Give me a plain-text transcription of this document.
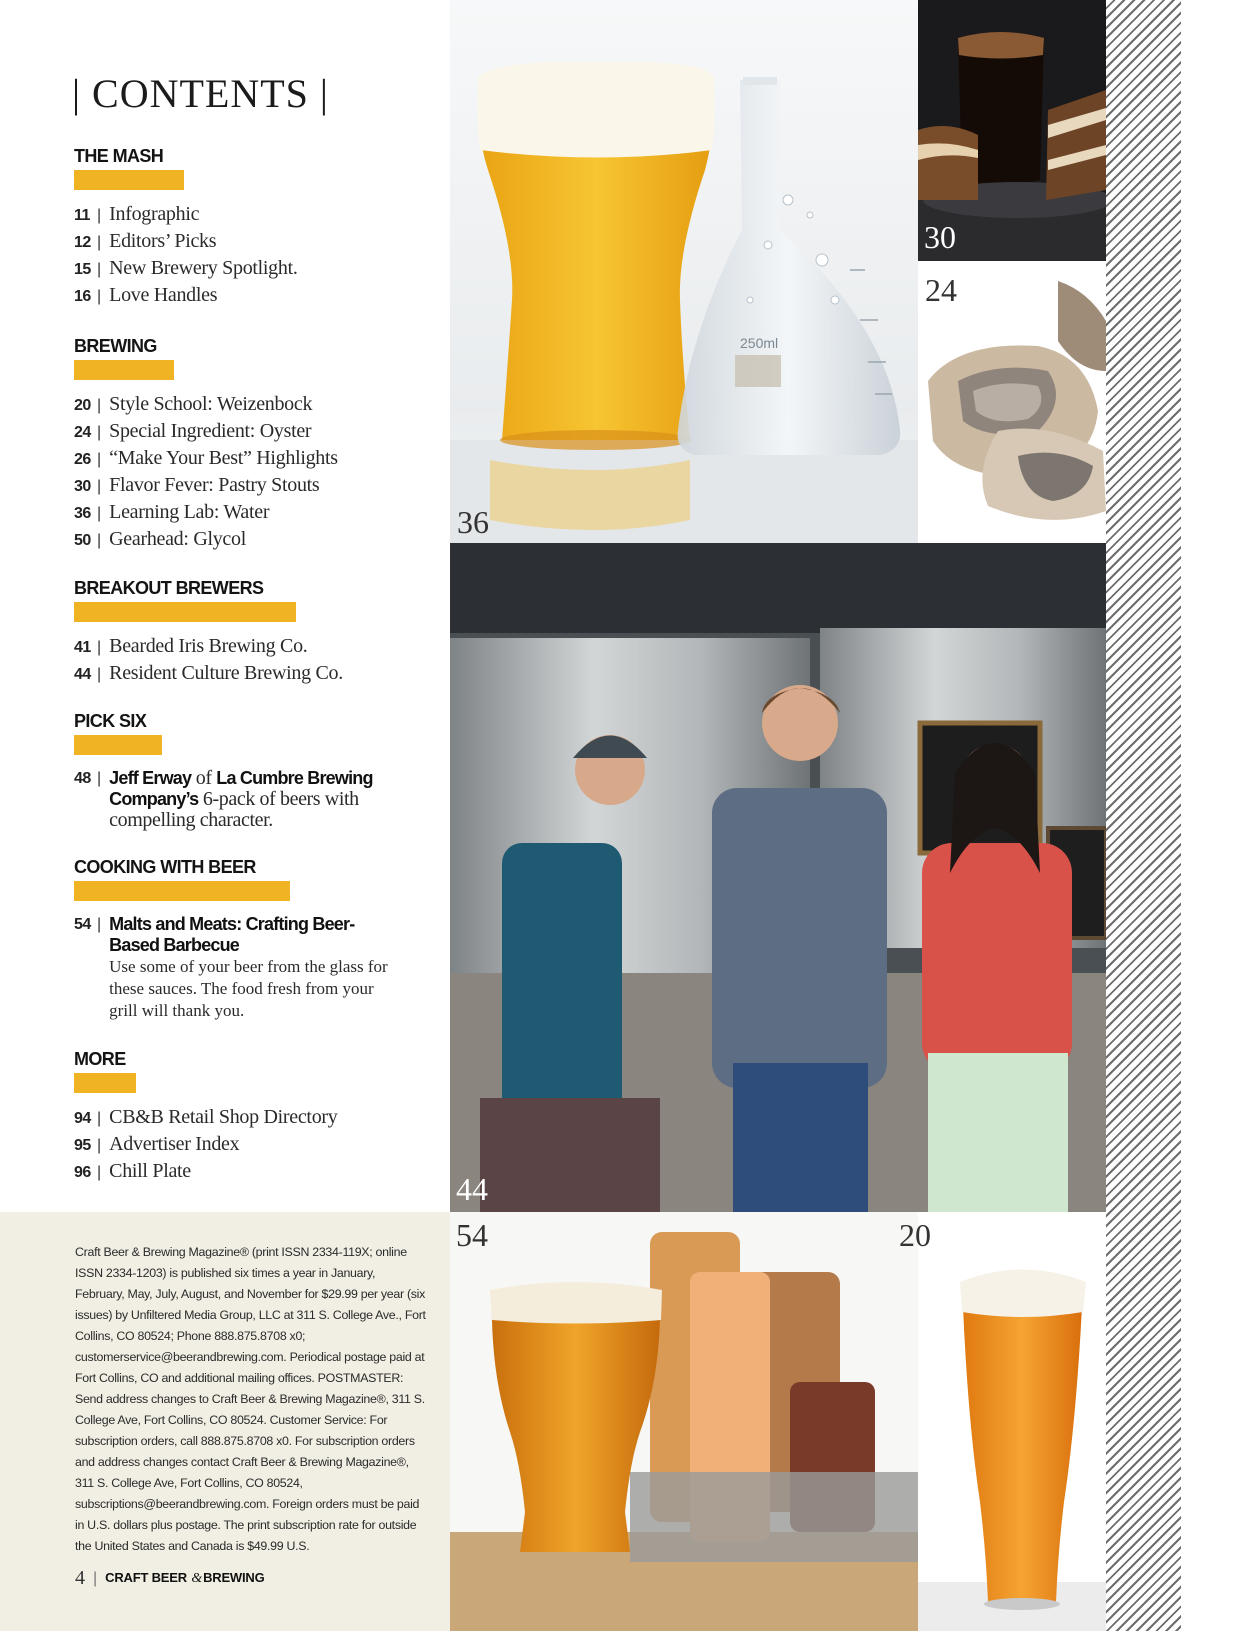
| CONTENTS |
THE MASH
11 | Infographic
12 | Editors’ Picks
15 | New Brewery Spotlight.
16 | Love Handles
BREWING
20 | Style School: Weizenbock
24 | Special Ingredient: Oyster
26 | “Make Your Best” Highlights
30 | Flavor Fever: Pastry Stouts
36 | Learning Lab: Water
50 | Gearhead: Glycol
BREAKOUT BREWERS
41 | Bearded Iris Brewing Co.
44 | Resident Culture Brewing Co.
PICK SIX
48 | Jeff Erway of La Cumbre Brewing Company’s 6-pack of beers with compelling character.
COOKING WITH BEER
54 | Malts and Meats: Crafting Beer-Based Barbecue
Use some of your beer from the glass for these sauces. The food fresh from your grill will thank you.
MORE
94 | CB&B Retail Shop Directory
95 | Advertiser Index
96 | Chill Plate

Craft Beer & Brewing Magazine® (print ISSN 2334-119X; online ISSN 2334-1203) is published six times a year in January, February, May, July, August, and November for $29.99 per year (six issues) by Unfiltered Media Group, LLC at 311 S. College Ave., Fort Collins, CO 80524; Phone 888.875.8708 x0; customerservice@beerandbrewing.com. Periodical postage paid at Fort Collins, CO and additional mailing offices. POSTMASTER: Send address changes to Craft Beer & Brewing Magazine®, 311 S. College Ave, Fort Collins, CO 80524. Customer Service: For subscription orders, call 888.875.8708 x0. For subscription orders and address changes contact Craft Beer & Brewing Magazine®, 311 S. College Ave, Fort Collins, CO 80524, subscriptions@beerandbrewing.com. Foreign orders must be paid in U.S. dollars plus postage. The print subscription rate for outside the United States and Canada is $49.99 U.S.

4 | CRAFT BEER &BREWING
250ml
36
30
24
44
54	20
